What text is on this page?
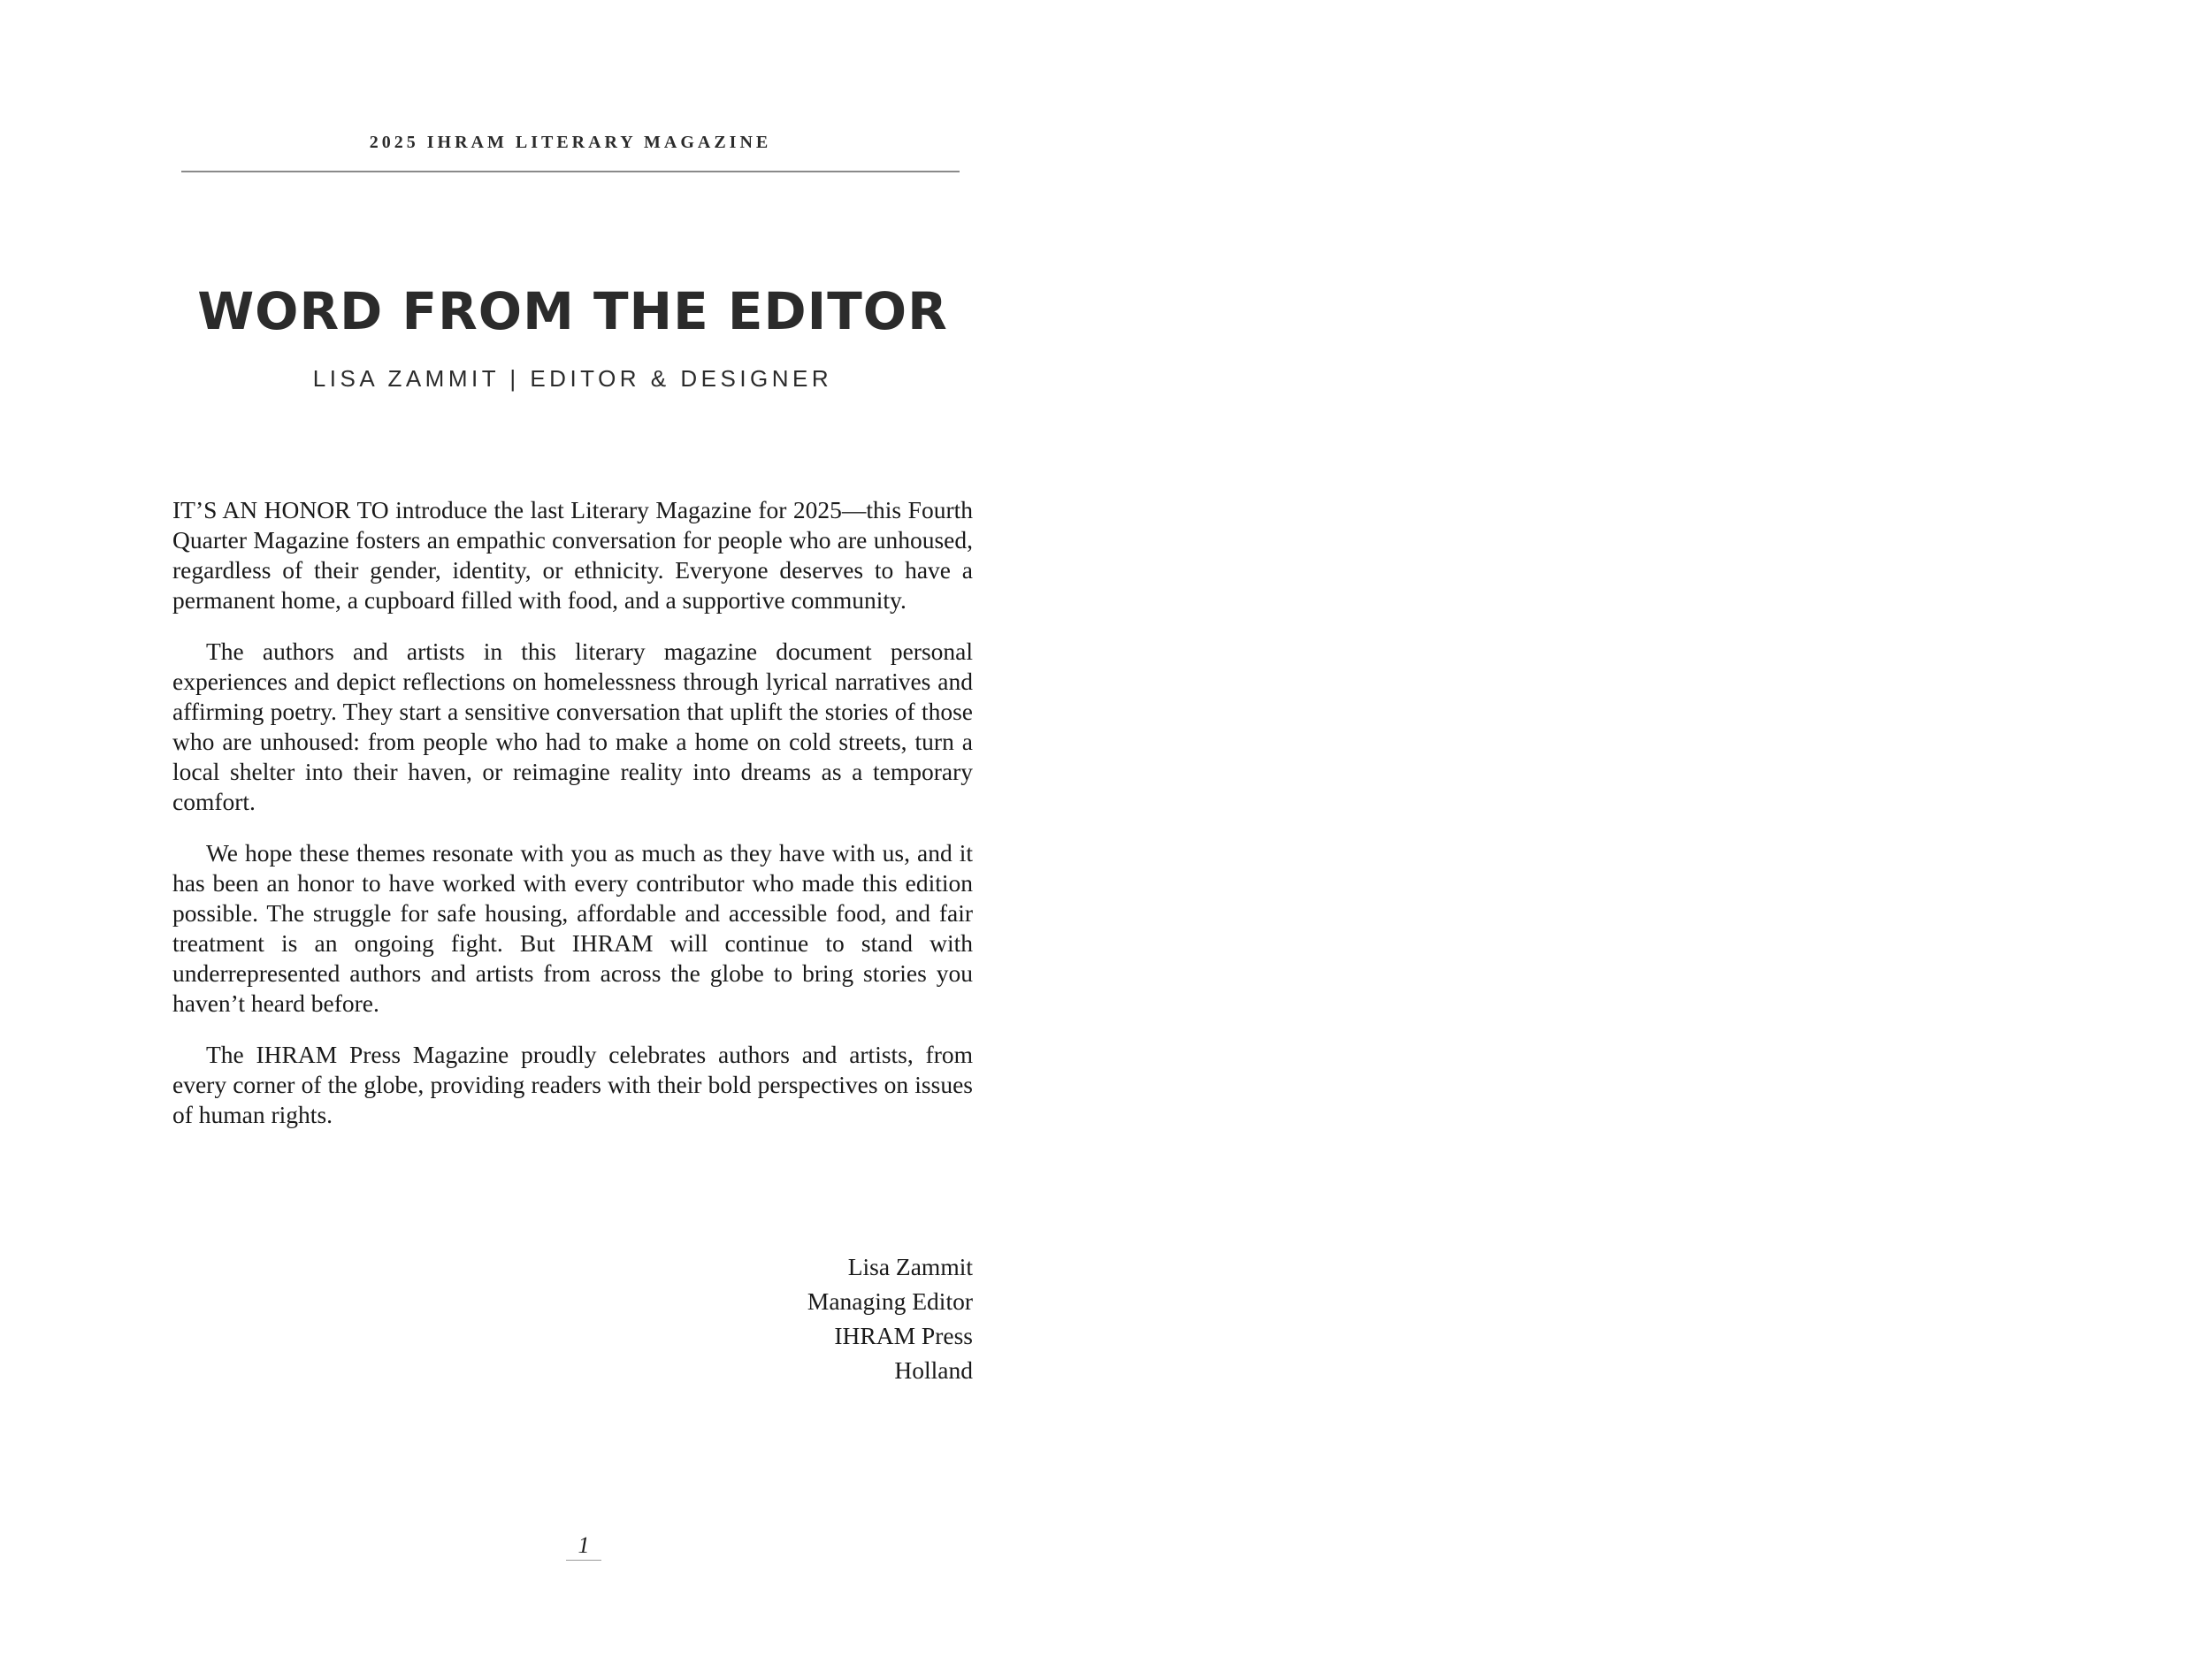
2025 IHRAM LITERARY MAGAZINE
WORD FROM THE EDITOR
LISA ZAMMIT | EDITOR & DESIGNER

IT’S AN HONOR TO introduce the last Literary Magazine for 2025—this Fourth Quarter Magazine fosters an empathic conversation for people who are unhoused, regardless of their gender, identity, or ethnicity. Everyone deserves to have a permanent home, a cupboard filled with food, and a supportive community.

The authors and artists in this literary magazine document personal experiences and depict reflections on homelessness through lyrical narratives and affirming poetry. They start a sensitive conversation that uplift the stories of those who are unhoused: from people who had to make a home on cold streets, turn a local shelter into their haven, or reimagine reality into dreams as a temporary comfort.

We hope these themes resonate with you as much as they have with us, and it has been an honor to have worked with every contributor who made this edition possible. The struggle for safe housing, affordable and accessible food, and fair treatment is an ongoing fight. But IHRAM will continue to stand with underrepresented authors and artists from across the globe to bring stories you haven’t heard before.

The IHRAM Press Magazine proudly celebrates authors and artists, from every corner of the globe, providing readers with their bold perspectives on issues of human rights.

Lisa Zammit
Managing Editor
IHRAM Press
Holland
1
